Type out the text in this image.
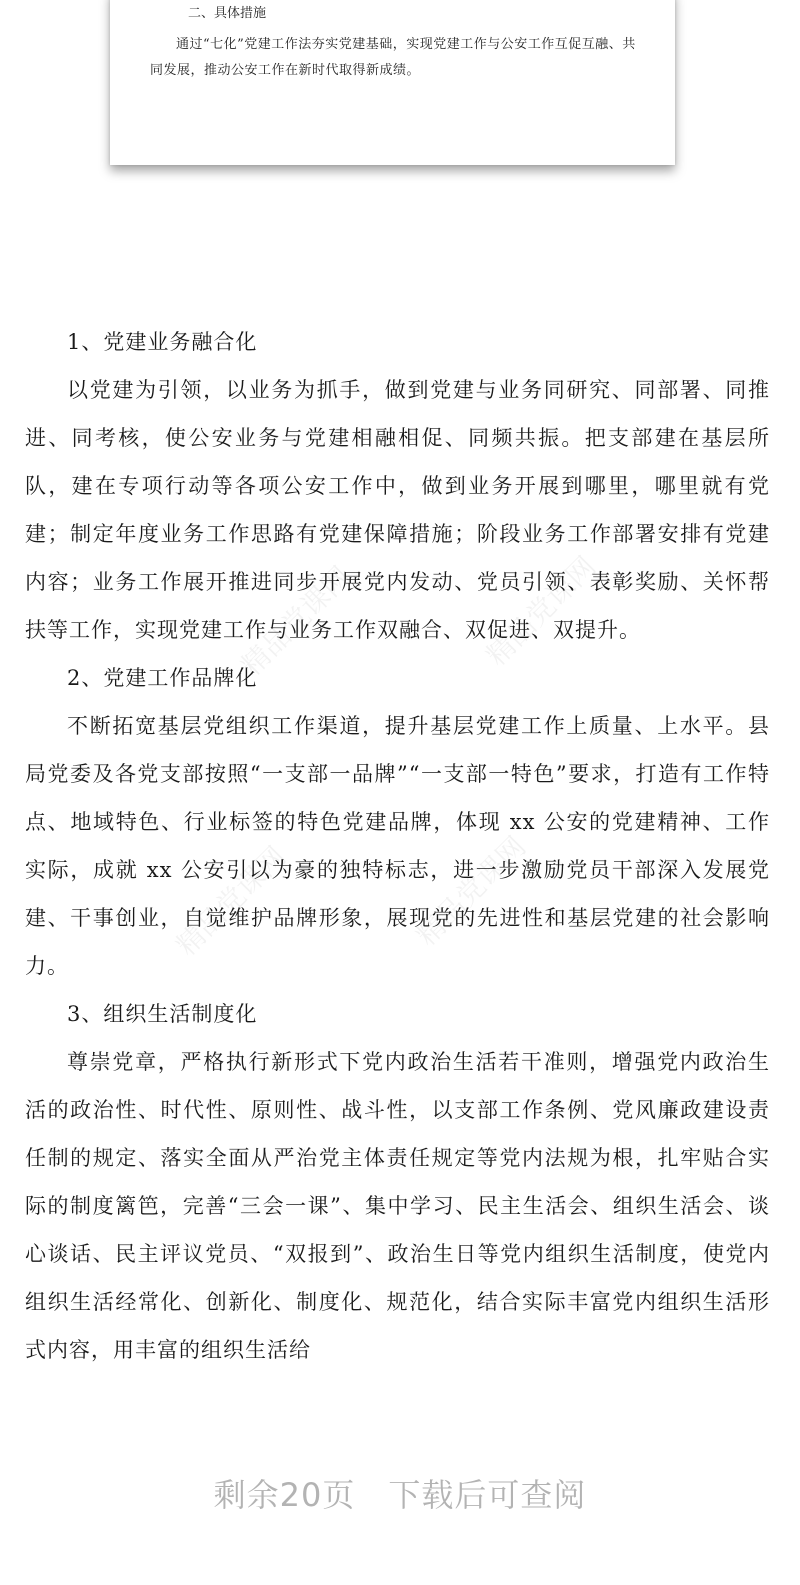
二、具体措施
通过“七化”党建工作法夯实党建基础，实现党建工作与公安工作互促互融、共同发展，推动公安工作在新时代取得新成绩。
精品党课网	精品党课网
精品党课网	精品党课网
1、党建业务融合化

以党建为引领，以业务为抓手，做到党建与业务同研究、同部署、同推进、同考核，使公安业务与党建相融相促、同频共振。把支部建在基层所队，建在专项行动等各项公安工作中，做到业务开展到哪里，哪里就有党建；制定年度业务工作思路有党建保障措施；阶段业务工作部署安排有党建内容；业务工作展开推进同步开展党内发动、党员引领、表彰奖励、关怀帮扶等工作，实现党建工作与业务工作双融合、双促进、双提升。

2、党建工作品牌化

不断拓宽基层党组织工作渠道，提升基层党建工作上质量、上水平。县局党委及各党支部按照“一支部一品牌”“一支部一特色”要求，打造有工作特点、地域特色、行业标签的特色党建品牌，体现 xx 公安的党建精神、工作实际，成就 xx 公安引以为豪的独特标志，进一步激励党员干部深入发展党建、干事创业，自觉维护品牌形象，展现党的先进性和基层党建的社会影响力。

3、组织生活制度化

尊崇党章，严格执行新形式下党内政治生活若干准则，增强党内政治生活的政治性、时代性、原则性、战斗性，以支部工作条例、党风廉政建设责任制的规定、落实全面从严治党主体责任规定等党内法规为根，扎牢贴合实际的制度篱笆，完善“三会一课”、集中学习、民主生活会、组织生活会、谈心谈话、民主评议党员、“双报到”、政治生日等党内组织生活制度，使党内组织生活经常化、创新化、制度化、规范化，结合实际丰富党内组织生活形式内容，用丰富的组织生活给

剩余20页　下载后可查阅
